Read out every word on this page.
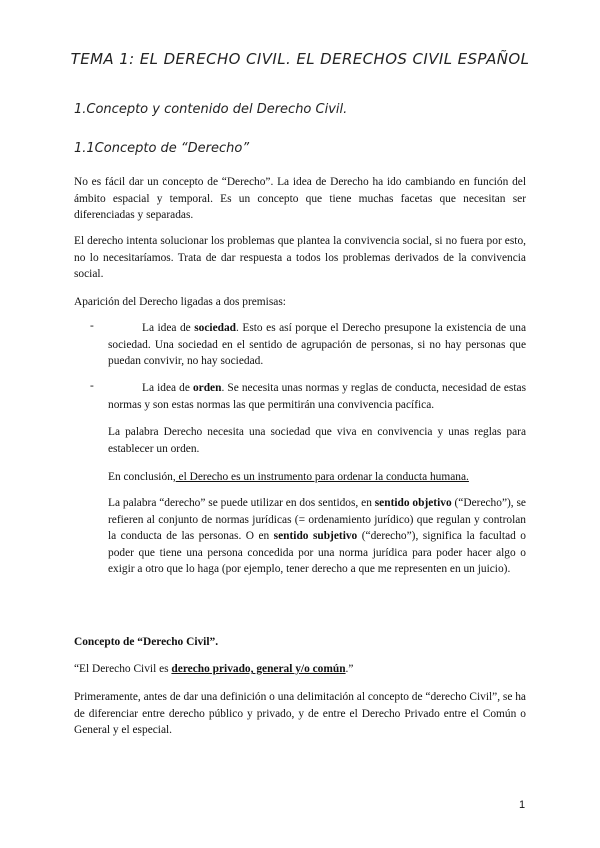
TEMA 1: EL DERECHO CIVIL. EL DERECHOS CIVIL ESPAÑOL
1.Concepto y contenido del Derecho Civil.
1.1Concepto de “Derecho”

No es fácil dar un concepto de “Derecho”. La idea de Derecho ha ido cambiando en función del ámbito espacial y temporal. Es un concepto que tiene muchas facetas que necesitan ser diferenciadas y separadas.

El derecho intenta solucionar los problemas que plantea la convivencia social, si no fuera por esto, no lo necesitaríamos. Trata de dar respuesta a todos los problemas derivados de la convivencia social.

Aparición del Derecho ligadas a dos premisas:

-	La idea de sociedad. Esto es así porque el Derecho presupone la existencia de una sociedad. Una sociedad en el sentido de agrupación de personas, si no hay personas que puedan convivir, no hay sociedad.

-	La idea de orden. Se necesita unas normas y reglas de conducta, necesidad de estas normas y son estas normas las que permitirán una convivencia pacífica.

La palabra Derecho necesita una sociedad que viva en convivencia y unas reglas para establecer un orden.

En conclusión, el Derecho es un instrumento para ordenar la conducta humana.

La palabra “derecho” se puede utilizar en dos sentidos, en sentido objetivo (“Derecho”), se refieren al conjunto de normas jurídicas (= ordenamiento jurídico) que regulan y controlan la conducta de las personas. O en sentido subjetivo (“derecho”), significa la facultad o poder que tiene una persona concedida por una norma jurídica para poder hacer algo o exigir a otro que lo haga (por ejemplo, tener derecho a que me representen en un juicio).

Concepto de “Derecho Civil”.

“El Derecho Civil es derecho privado, general y/o común.”

Primeramente, antes de dar una definición o una delimitación al concepto de “derecho Civil”, se ha de diferenciar entre derecho público y privado, y de entre el Derecho Privado entre el Común o General y el especial.

1
